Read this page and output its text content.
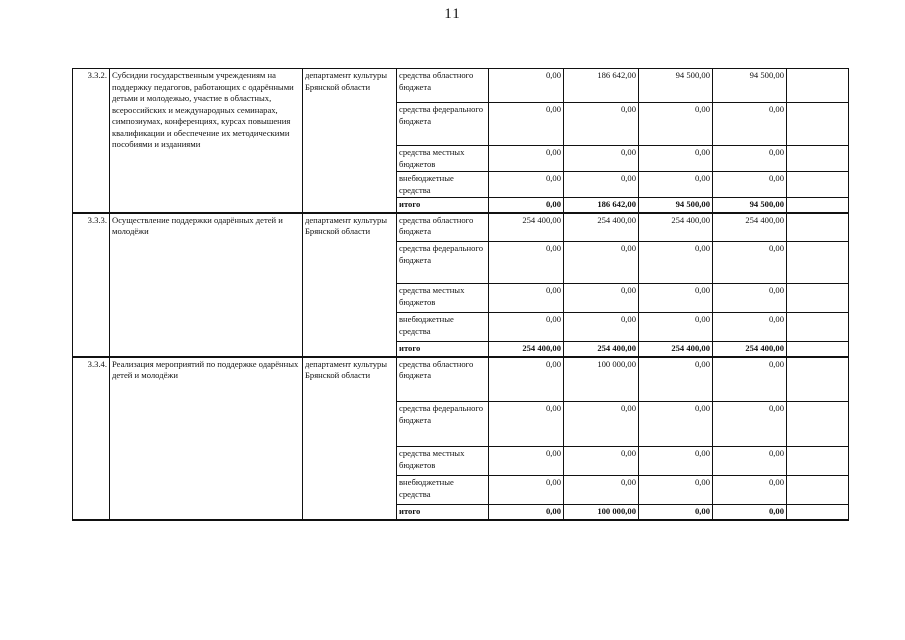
11
3.3.2.	Субсидии государственным учреждениям на поддержку педагогов, работающих с одарёнными детьми и молодежью, участие в областных, всероссийских и международных семинарах, симпозиумах, конференциях, курсах повышения квалификации и обеспечение их методическими пособиями и изданиями	департамент культуры Брянской области	средства областного бюджета	0,00	186 642,00	94 500,00	94 500,00	
			средства федерального бюджета	0,00	0,00	0,00	0,00	
			средства местных бюджетов	0,00	0,00	0,00	0,00	
			внебюджетные средства	0,00	0,00	0,00	0,00	
			итого	0,00	186 642,00	94 500,00	94 500,00	
3.3.3.	Осуществление поддержки одарённых детей и молодёжи	департамент культуры Брянской области	средства областного бюджета	254 400,00	254 400,00	254 400,00	254 400,00	
			средства федерального бюджета	0,00	0,00	0,00	0,00	
			средства местных бюджетов	0,00	0,00	0,00	0,00	
			внебюджетные средства	0,00	0,00	0,00	0,00	
			итого	254 400,00	254 400,00	254 400,00	254 400,00	
3.3.4.	Реализация мероприятий по поддержке одарённых детей и молодёжи	департамент культуры Брянской области	средства областного бюджета	0,00	100 000,00	0,00	0,00	
			средства федерального бюджета	0,00	0,00	0,00	0,00	
			средства местных бюджетов	0,00	0,00	0,00	0,00	
			внебюджетные средства	0,00	0,00	0,00	0,00	
			итого	0,00	100 000,00	0,00	0,00	
